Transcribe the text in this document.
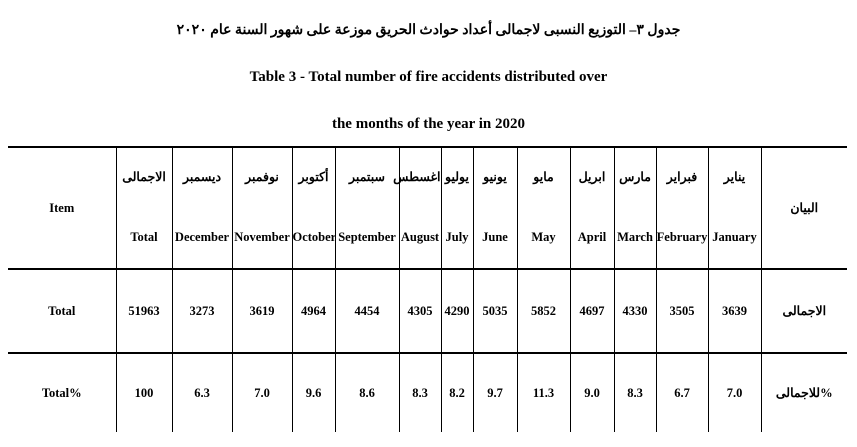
جدول ٣– التوزيع النسبى لاجمالى أعداد حوادث الحريق موزعة على شهور السنة عام ٢٠٢٠
Table 3 - Total number of fire accidents distributed over
the months of the year in 2020
Item	الاجمالى	ديسمبر	نوفمبر	أكتوبر	سبتمبر	اغسطس	يوليو	يونيو	مايو	ابريل	مارس	فبراير	يناير	البيان
	Total	December	November	October	September	August	July	June	May	April	March	February	January	
Total	51963	3273	3619	4964	4454	4305	4290	5035	5852	4697	4330	3505	3639	الاجمالى
Total%	100	6.3	7.0	9.6	8.6	8.3	8.2	9.7	11.3	9.0	8.3	6.7	7.0	%للاجمالى
